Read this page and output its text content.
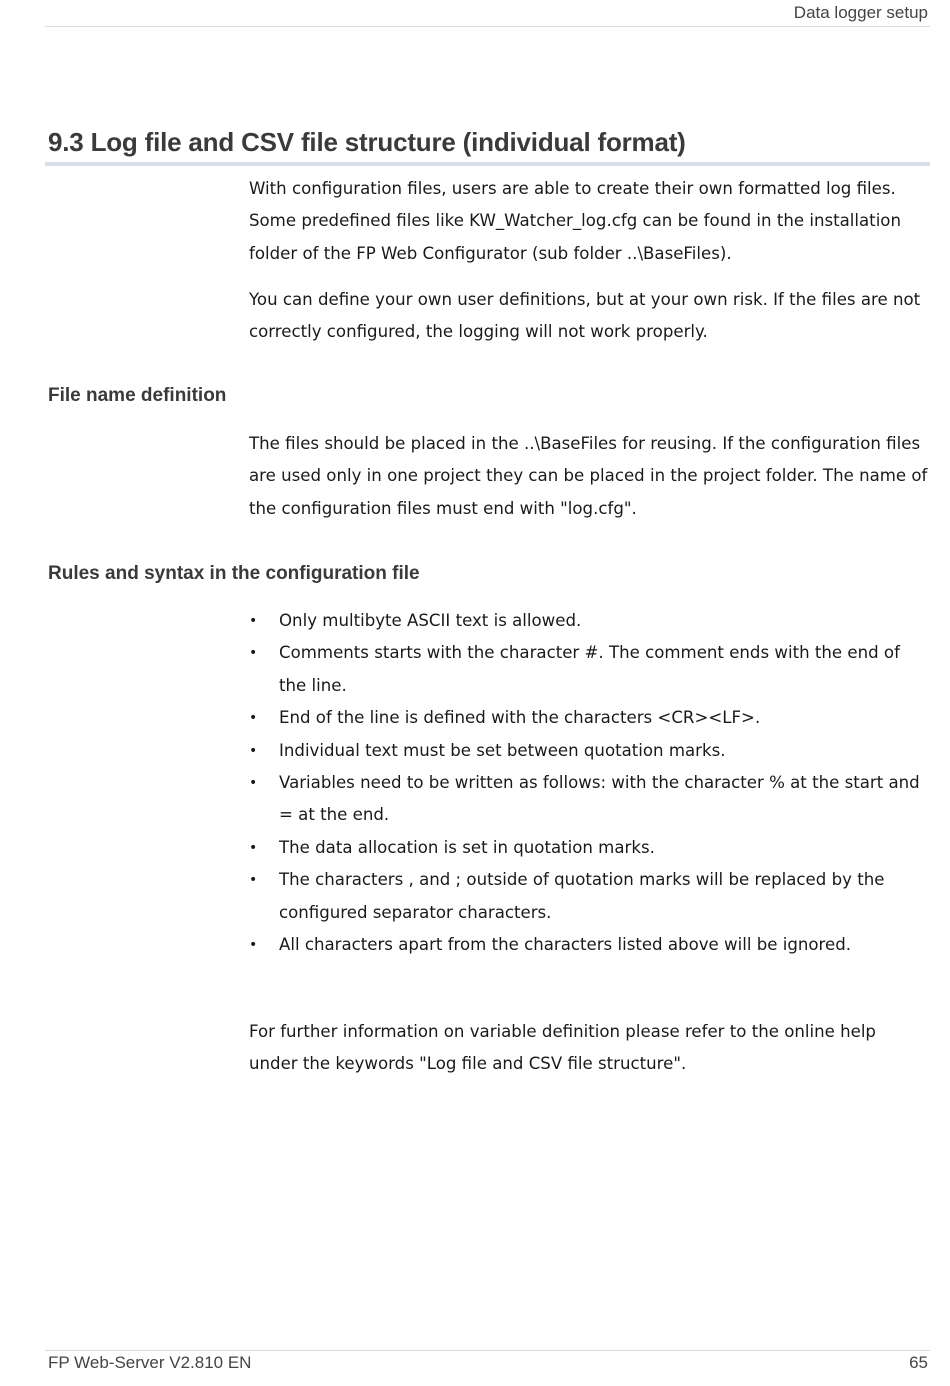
Data logger setup
9.3 Log file and CSV file structure (individual format)

With configuration files, users are able to create their own formatted log files. Some predefined files like KW_Watcher_log.cfg can be found in the installation folder of the FP Web Configurator (sub folder ..\BaseFiles).

You can define your own user definitions, but at your own risk. If the files are not correctly configured, the logging will not work properly.

File name definition

The files should be placed in the ..\BaseFiles for reusing. If the configuration files are used only in one project they can be placed in the project folder. The name of the configuration files must end with "log.cfg".

Rules and syntax in the configuration file
• Only multibyte ASCII text is allowed.
• Comments starts with the character #. The comment ends with the end of the line.
• End of the line is defined with the characters <CR><LF>.
• Individual text must be set between quotation marks.
• Variables need to be written as follows: with the character % at the start and = at the end.
• The data allocation is set in quotation marks.
• The characters , and ; outside of quotation marks will be replaced by the configured separator characters.
• All characters apart from the characters listed above will be ignored.

For further information on variable definition please refer to the online help under the keywords "Log file and CSV file structure".

FP Web-Server V2.810 EN	65
